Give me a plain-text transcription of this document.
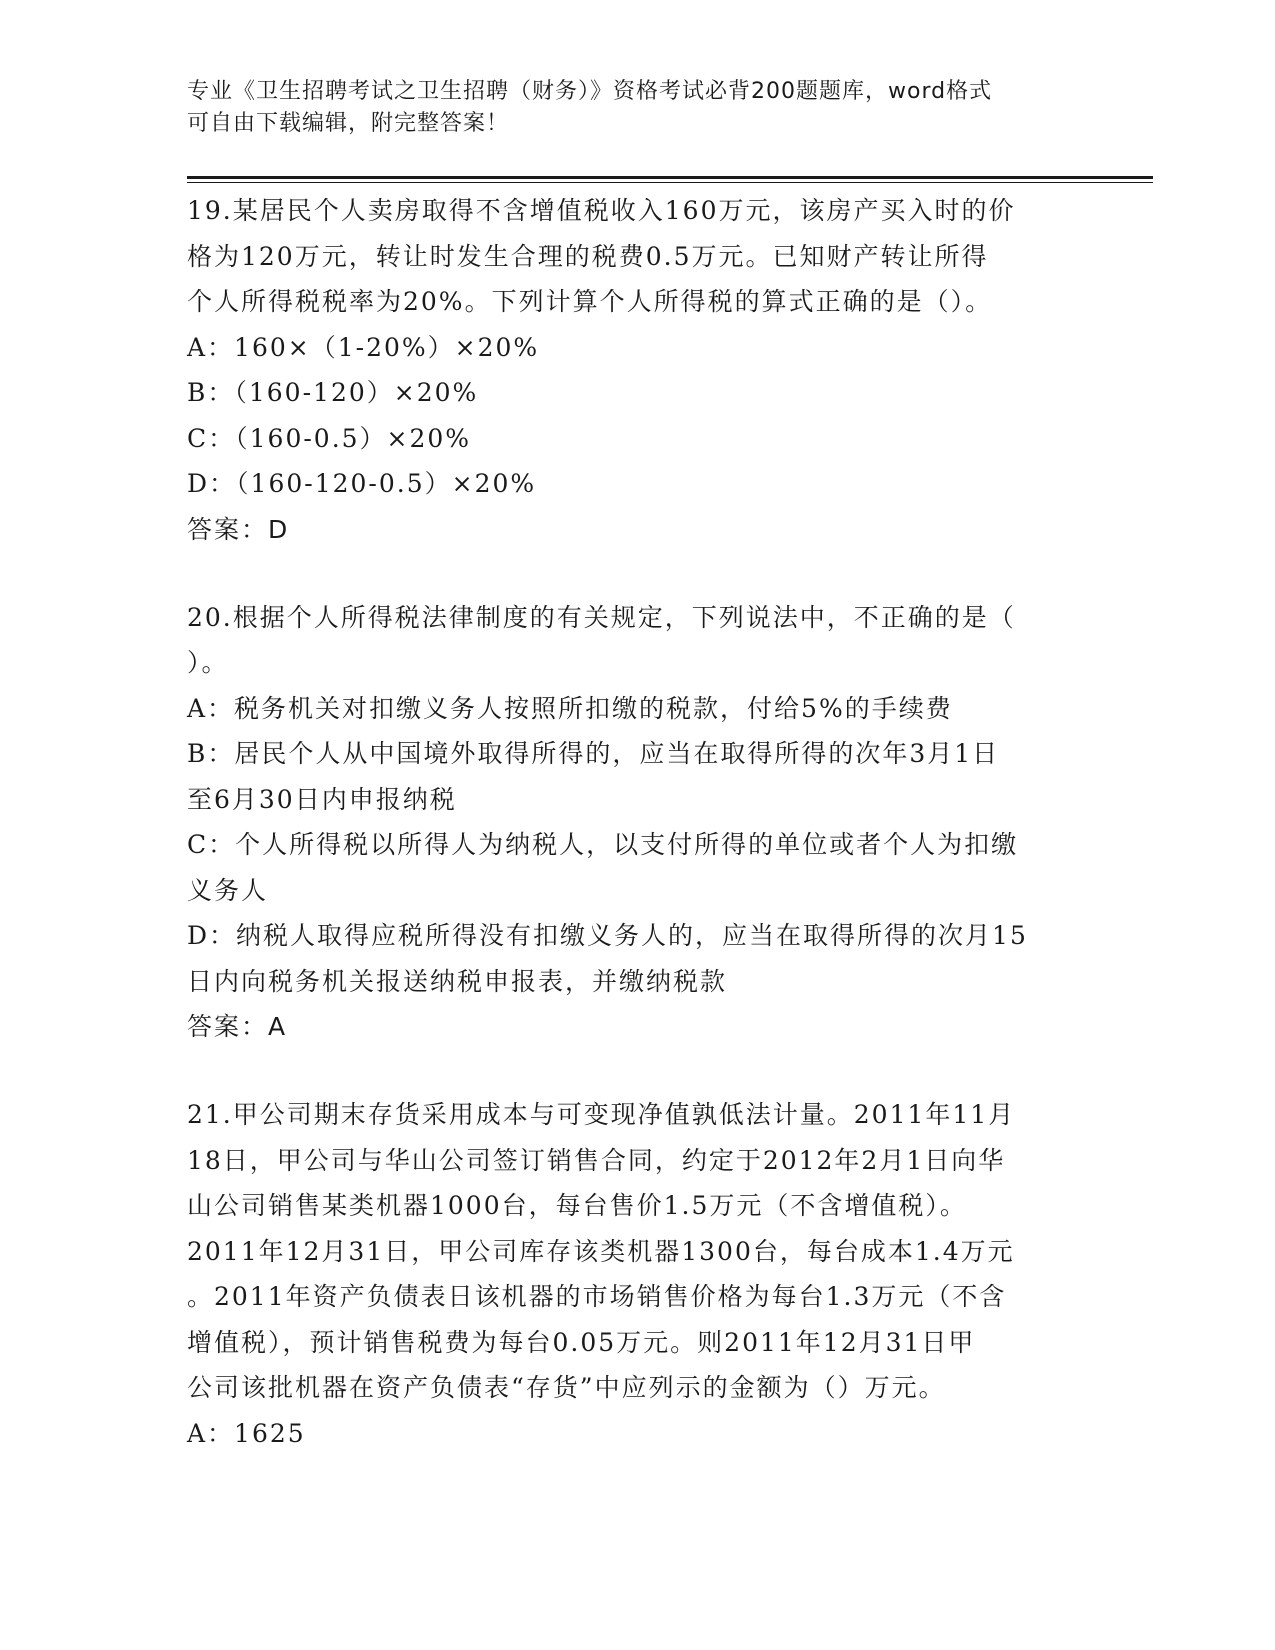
专业《卫生招聘考试之卫生招聘（财务）》资格考试必背200题题库，word格式
可自由下载编辑，附完整答案！
19.某居民个人卖房取得不含增值税收入160万元，该房产买入时的价
格为120万元，转让时发生合理的税费0.5万元。已知财产转让所得
个人所得税税率为20%。下列计算个人所得税的算式正确的是（）。
A：160×（1-20%）×20%
B：（160-120）×20%
C：（160-0.5）×20%
D：（160-120-0.5）×20%
答案：D
20.根据个人所得税法律制度的有关规定，下列说法中，不正确的是（
）。
A：税务机关对扣缴义务人按照所扣缴的税款，付给5%的手续费
B：居民个人从中国境外取得所得的，应当在取得所得的次年3月1日
至6月30日内申报纳税
C：个人所得税以所得人为纳税人，以支付所得的单位或者个人为扣缴
义务人
D：纳税人取得应税所得没有扣缴义务人的，应当在取得所得的次月15
日内向税务机关报送纳税申报表，并缴纳税款
答案：A
21.甲公司期末存货采用成本与可变现净值孰低法计量。2011年11月
18日，甲公司与华山公司签订销售合同，约定于2012年2月1日向华
山公司销售某类机器1000台，每台售价1.5万元（不含增值税）。
2011年12月31日，甲公司库存该类机器1300台，每台成本1.4万元
。2011年资产负债表日该机器的市场销售价格为每台1.3万元（不含
增值税），预计销售税费为每台0.05万元。则2011年12月31日甲
公司该批机器在资产负债表“存货”中应列示的金额为（）万元。
A：1625
